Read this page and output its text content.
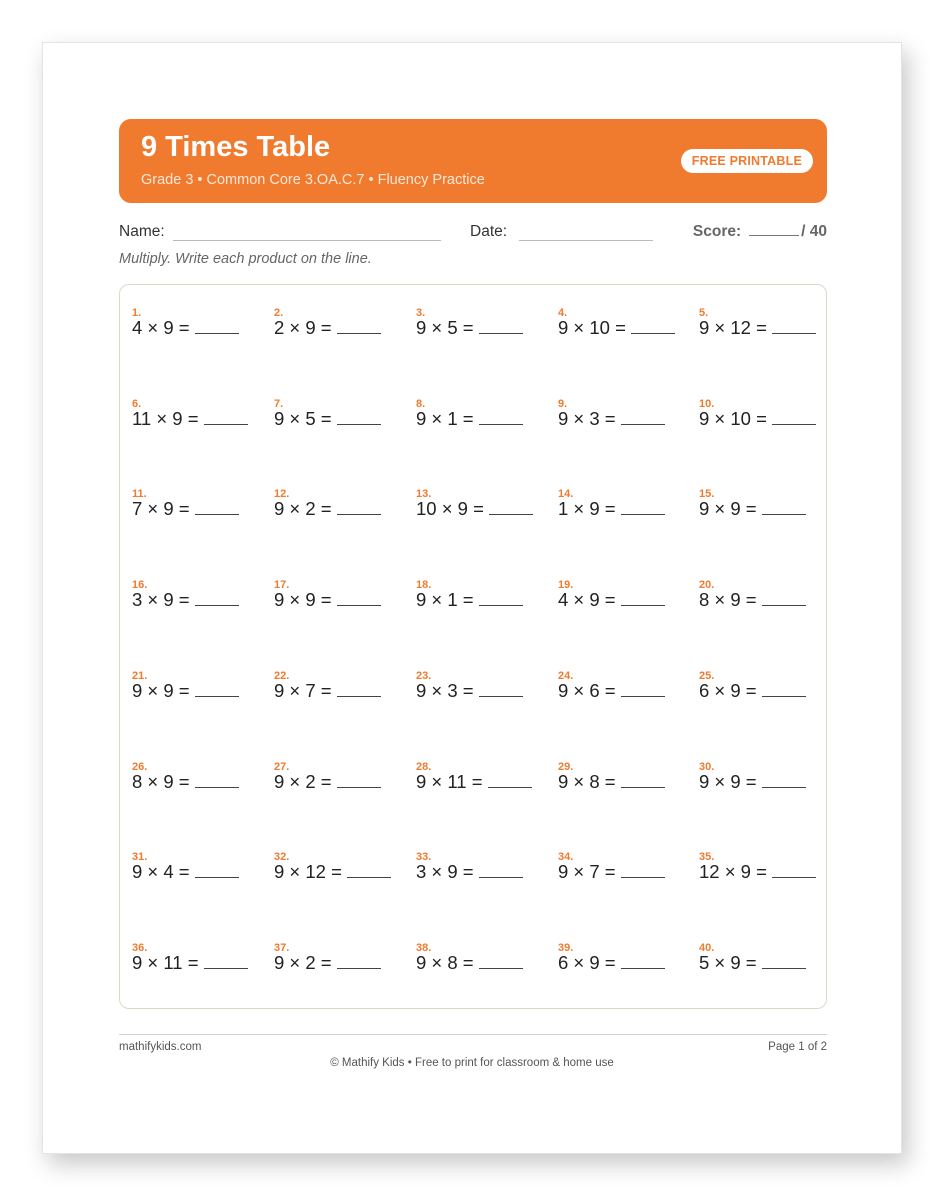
9 Times Table
Grade 3 • Common Core 3.OA.C.7 • Fluency Practice
FREE PRINTABLE
Name:	Date:	Score:	/ 40
Multiply. Write each product on the line.
1.
4 × 9 =
2.
2 × 9 =
3.
9 × 5 =
4.
9 × 10 =
5.
9 × 12 =
6.
11 × 9 =
7.
9 × 5 =
8.
9 × 1 =
9.
9 × 3 =
10.
9 × 10 =
11.
7 × 9 =
12.
9 × 2 =
13.
10 × 9 =
14.
1 × 9 =
15.
9 × 9 =
16.
3 × 9 =
17.
9 × 9 =
18.
9 × 1 =
19.
4 × 9 =
20.
8 × 9 =
21.
9 × 9 =
22.
9 × 7 =
23.
9 × 3 =
24.
9 × 6 =
25.
6 × 9 =
26.
8 × 9 =
27.
9 × 2 =
28.
9 × 11 =
29.
9 × 8 =
30.
9 × 9 =
31.
9 × 4 =
32.
9 × 12 =
33.
3 × 9 =
34.
9 × 7 =
35.
12 × 9 =
36.
9 × 11 =
37.
9 × 2 =
38.
9 × 8 =
39.
6 × 9 =
40.
5 × 9 =
mathifykids.com	Page 1 of 2
© Mathify Kids • Free to print for classroom & home use
